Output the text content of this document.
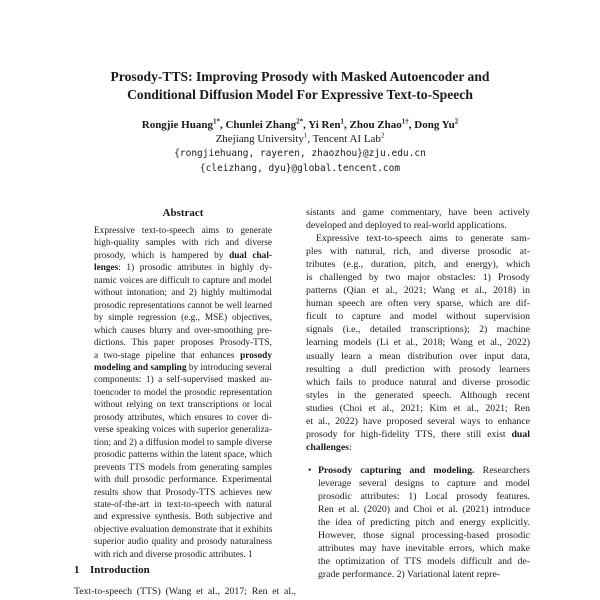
Prosody-TTS: Improving Prosody with Masked Autoencoder and
Conditional Diffusion Model For Expressive Text-to-Speech
Rongjie Huang$^{1*}$, Chunlei Zhang$^{2*}$, Yi Ren$^1$, Zhou Zhao$^{1\dagger}$, Dong Yu$^2$
Zhejiang University$^1$, Tencent AI Lab$^2$
{rongjiehuang, rayeren, zhaozhou}@zju.edu.cn
{cleizhang, dyu}@global.tencent.com
Abstract
Expressive text-to-speech aims to generate
high-quality samples with rich and diverse
prosody, which is hampered by dual chal-
lenges: 1) prosodic attributes in highly dy-
namic voices are difficult to capture and model
without intonation; and 2) highly multimodal
prosodic representations cannot be well learned
by simple regression (e.g., MSE) objectives,
which causes blurry and over-smoothing pre-
dictions. This paper proposes Prosody-TTS,
a two-stage pipeline that enhances prosody
modeling and sampling by introducing several
components: 1) a self-supervised masked au-
toencoder to model the prosodic representation
without relying on text transcriptions or local
prosody attributes, which ensures to cover di-
verse speaking voices with superior generaliza-
tion; and 2) a diffusion model to sample diverse
prosodic patterns within the latent space, which
prevents TTS models from generating samples
with dull prosodic performance. Experimental
results show that Prosody-TTS achieves new
state-of-the-art in text-to-speech with natural
and expressive synthesis. Both subjective and
objective evaluation demonstrate that it exhibits
superior audio quality and prosody naturalness
with rich and diverse prosodic attributes. 1
1 Introduction
Text-to-speech (TTS) (Wang et al., 2017; Ren et al.,
sistants and game commentary, have been actively
developed and deployed to real-world applications.
Expressive text-to-speech aims to generate sam-
ples with natural, rich, and diverse prosodic at-
tributes (e.g., duration, pitch, and energy), which
is challenged by two major obstacles: 1) Prosody
patterns (Qian et al., 2021; Wang et al., 2018) in
human speech are often very sparse, which are dif-
ficult to capture and model without supervision
signals (i.e., detailed transcriptions); 2) machine
learning models (Li et al., 2018; Wang et al., 2022)
usually learn a mean distribution over input data,
resulting a dull prediction with prosody learners
which fails to produce natural and diverse prosodic
styles in the generated speech. Although recent
studies (Choi et al., 2021; Kim et al., 2021; Ren
et al., 2022) have proposed several ways to enhance
prosody for high-fidelity TTS, there still exist dual
challenges:
• Prosody capturing and modeling. Researchers
leverage several designs to capture and model
prosodic attributes: 1) Local prosody features.
Ren et al. (2020) and Choi et al. (2021) introduce
the idea of predicting pitch and energy explicitly.
However, those signal processing-based prosodic
attributes may have inevitable errors, which make
the optimization of TTS models difficult and de-
grade performance. 2) Variational latent repre-
